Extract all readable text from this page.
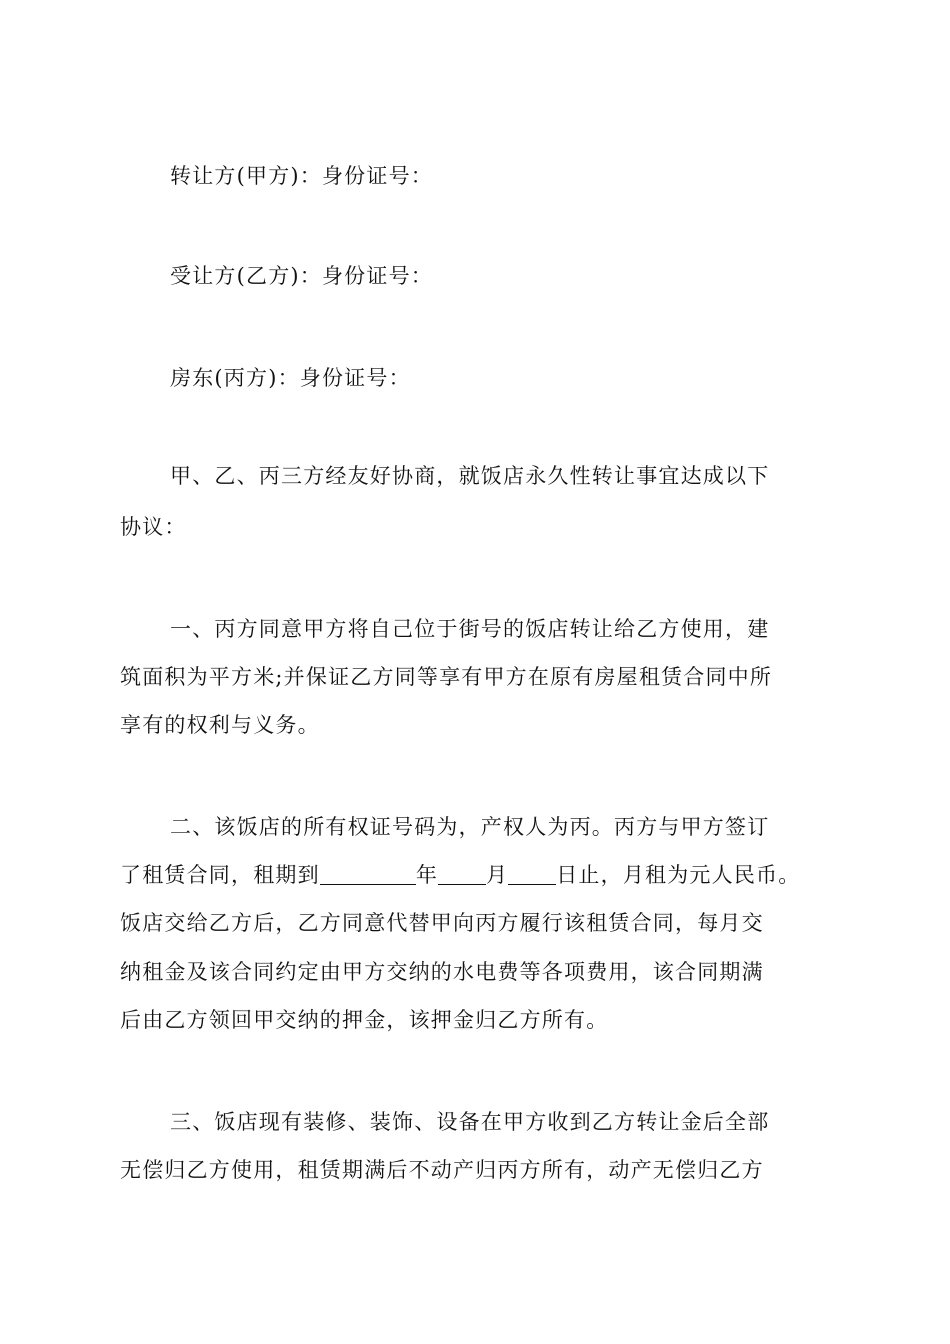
转让方(甲方)：身份证号：
受让方(乙方)：身份证号：
房东(丙方)：身份证号：
甲、乙、丙三方经友好协商，就饭店永久性转让事宜达成以下
协议：
一、丙方同意甲方将自己位于街号的饭店转让给乙方使用，建
筑面积为平方米;并保证乙方同等享有甲方在原有房屋租赁合同中所
享有的权利与义务。
二、该饭店的所有权证号码为，产权人为丙。丙方与甲方签订
了租赁合同，租期到	年 月 日止，月租为元人民币。
饭店交给乙方后，乙方同意代替甲向丙方履行该租赁合同，每月交
纳租金及该合同约定由甲方交纳的水电费等各项费用，该合同期满
后由乙方领回甲交纳的押金，该押金归乙方所有。
三、饭店现有装修、装饰、设备在甲方收到乙方转让金后全部
无偿归乙方使用，租赁期满后不动产归丙方所有，动产无偿归乙方
